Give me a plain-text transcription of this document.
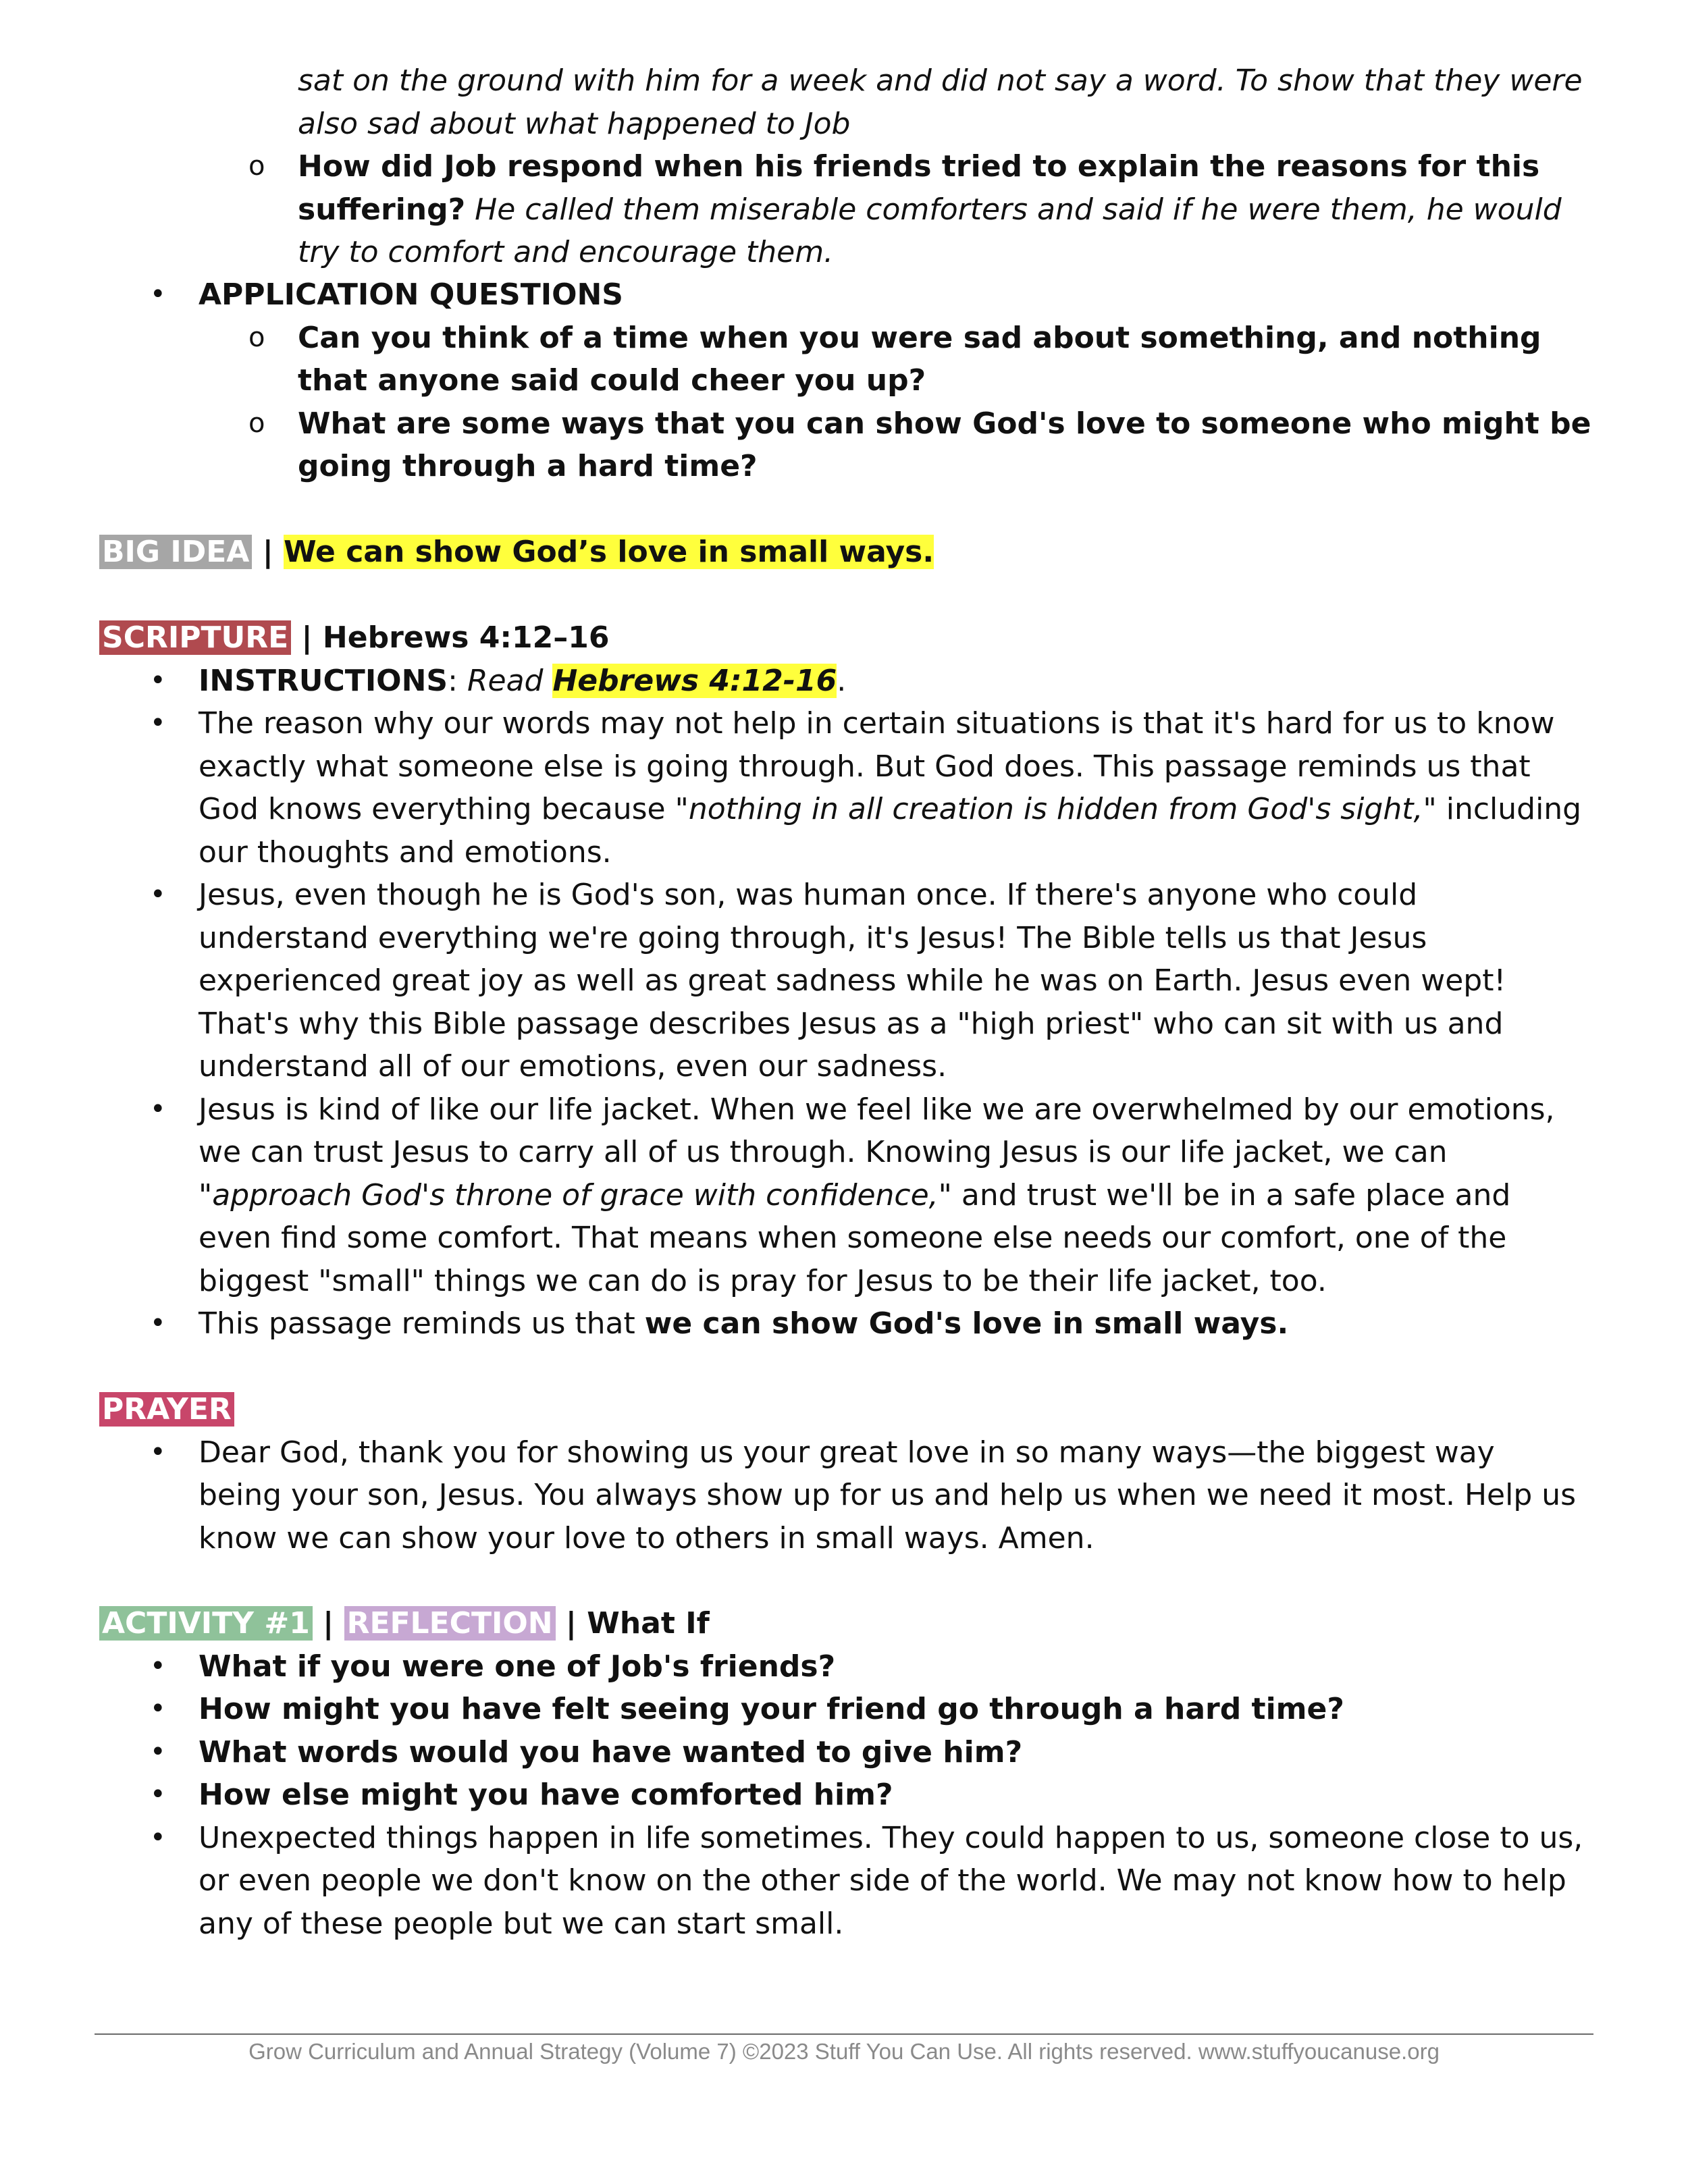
sat on the ground with him for a week and did not say a word. To show that they were also sad about what happened to Job

o How did Job respond when his friends tried to explain the reasons for this suffering? He called them miserable comforters and said if he were them, he would try to comfort and encourage them.

• APPLICATION QUESTIONS

o Can you think of a time when you were sad about something, and nothing that anyone said could cheer you up?

o What are some ways that you can show God's love to someone who might be going through a hard time?

BIG IDEA | We can show God’s love in small ways.

SCRIPTURE | Hebrews 4:12–16

• INSTRUCTIONS: Read Hebrews 4:12-16.

• The reason why our words may not help in certain situations is that it's hard for us to know exactly what someone else is going through. But God does. This passage reminds us that God knows everything because "nothing in all creation is hidden from God's sight," including our thoughts and emotions.

• Jesus, even though he is God's son, was human once. If there's anyone who could understand everything we're going through, it's Jesus! The Bible tells us that Jesus experienced great joy as well as great sadness while he was on Earth. Jesus even wept! That's why this Bible passage describes Jesus as a "high priest" who can sit with us and understand all of our emotions, even our sadness.

• Jesus is kind of like our life jacket. When we feel like we are overwhelmed by our emotions, we can trust Jesus to carry all of us through. Knowing Jesus is our life jacket, we can "approach God's throne of grace with confidence," and trust we'll be in a safe place and even find some comfort. That means when someone else needs our comfort, one of the biggest "small" things we can do is pray for Jesus to be their life jacket, too.

• This passage reminds us that we can show God's love in small ways.

PRAYER

• Dear God, thank you for showing us your great love in so many ways—the biggest way being your son, Jesus. You always show up for us and help us when we need it most. Help us know we can show your love to others in small ways. Amen.

ACTIVITY #1 | REFLECTION | What If

• What if you were one of Job's friends?

• How might you have felt seeing your friend go through a hard time?

• What words would you have wanted to give him?

• How else might you have comforted him?

• Unexpected things happen in life sometimes. They could happen to us, someone close to us, or even people we don't know on the other side of the world. We may not know how to help any of these people but we can start small.

Grow Curriculum and Annual Strategy (Volume 7) ©2023 Stuff You Can Use. All rights reserved. www.stuffyoucanuse.org
